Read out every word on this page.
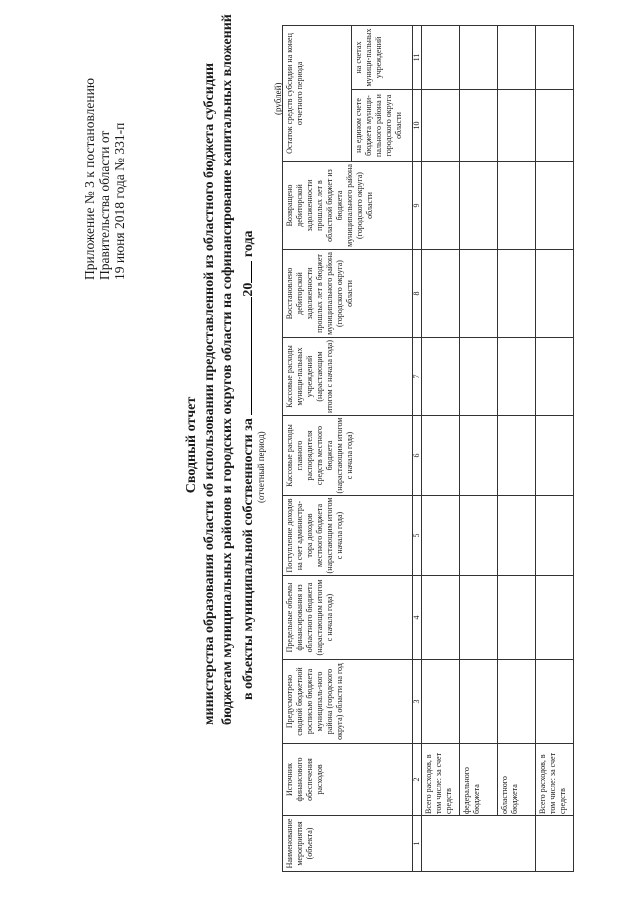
Приложение № 3 к постановлению Правительства области от 19 июня 2018 года № 331-п
Сводный отчет министерства образования области об использовании предоставленной из областного бюджета субсидии бюджетам муниципальных районов и городских округов области на софинансирование капитальных вложений в объекты муниципальной собственности за 20 года
(отчетный период)
(рублей)
Наименование мероприятия (объекта)	Источник финансового обеспечения расходов	Предусмотрено сводной бюджетной росписью бюджета муниципаль-ного района (городского округа) области на год	Предельные объемы финансирования из областного бюджета (нарастающим итогом с начала года)	Поступление доходов на счет администра-тора доходов местного бюджета (нарастающим итогом с начала года)	Кассовые расходы главного распорядителя средств местного бюджета (нарастающим итогом с начала года)	Кассовые расходы муници-пальных учреждений (нарастающим итогом с начала года)	Восстановлено дебиторской задолженности прошлых лет в бюджет муниципального района (городского округа) области	Возвращено дебиторской задолженности прошлых лет в областной бюджет из бюджета муниципального района (городского округа) области	Остаток средств субсидии на конец отчетного периода	
									на едином счете бюджета муници-пального района и городского округа области	на счетах муници-пальных учреждений
1	2	3	4	5	6	7	8	9	10	11
	Всего расходов, в том числе: за счет средств									
	федерального бюджета									
	областного бюджета									
	Всего расходов, в том числе: за счет средств									
